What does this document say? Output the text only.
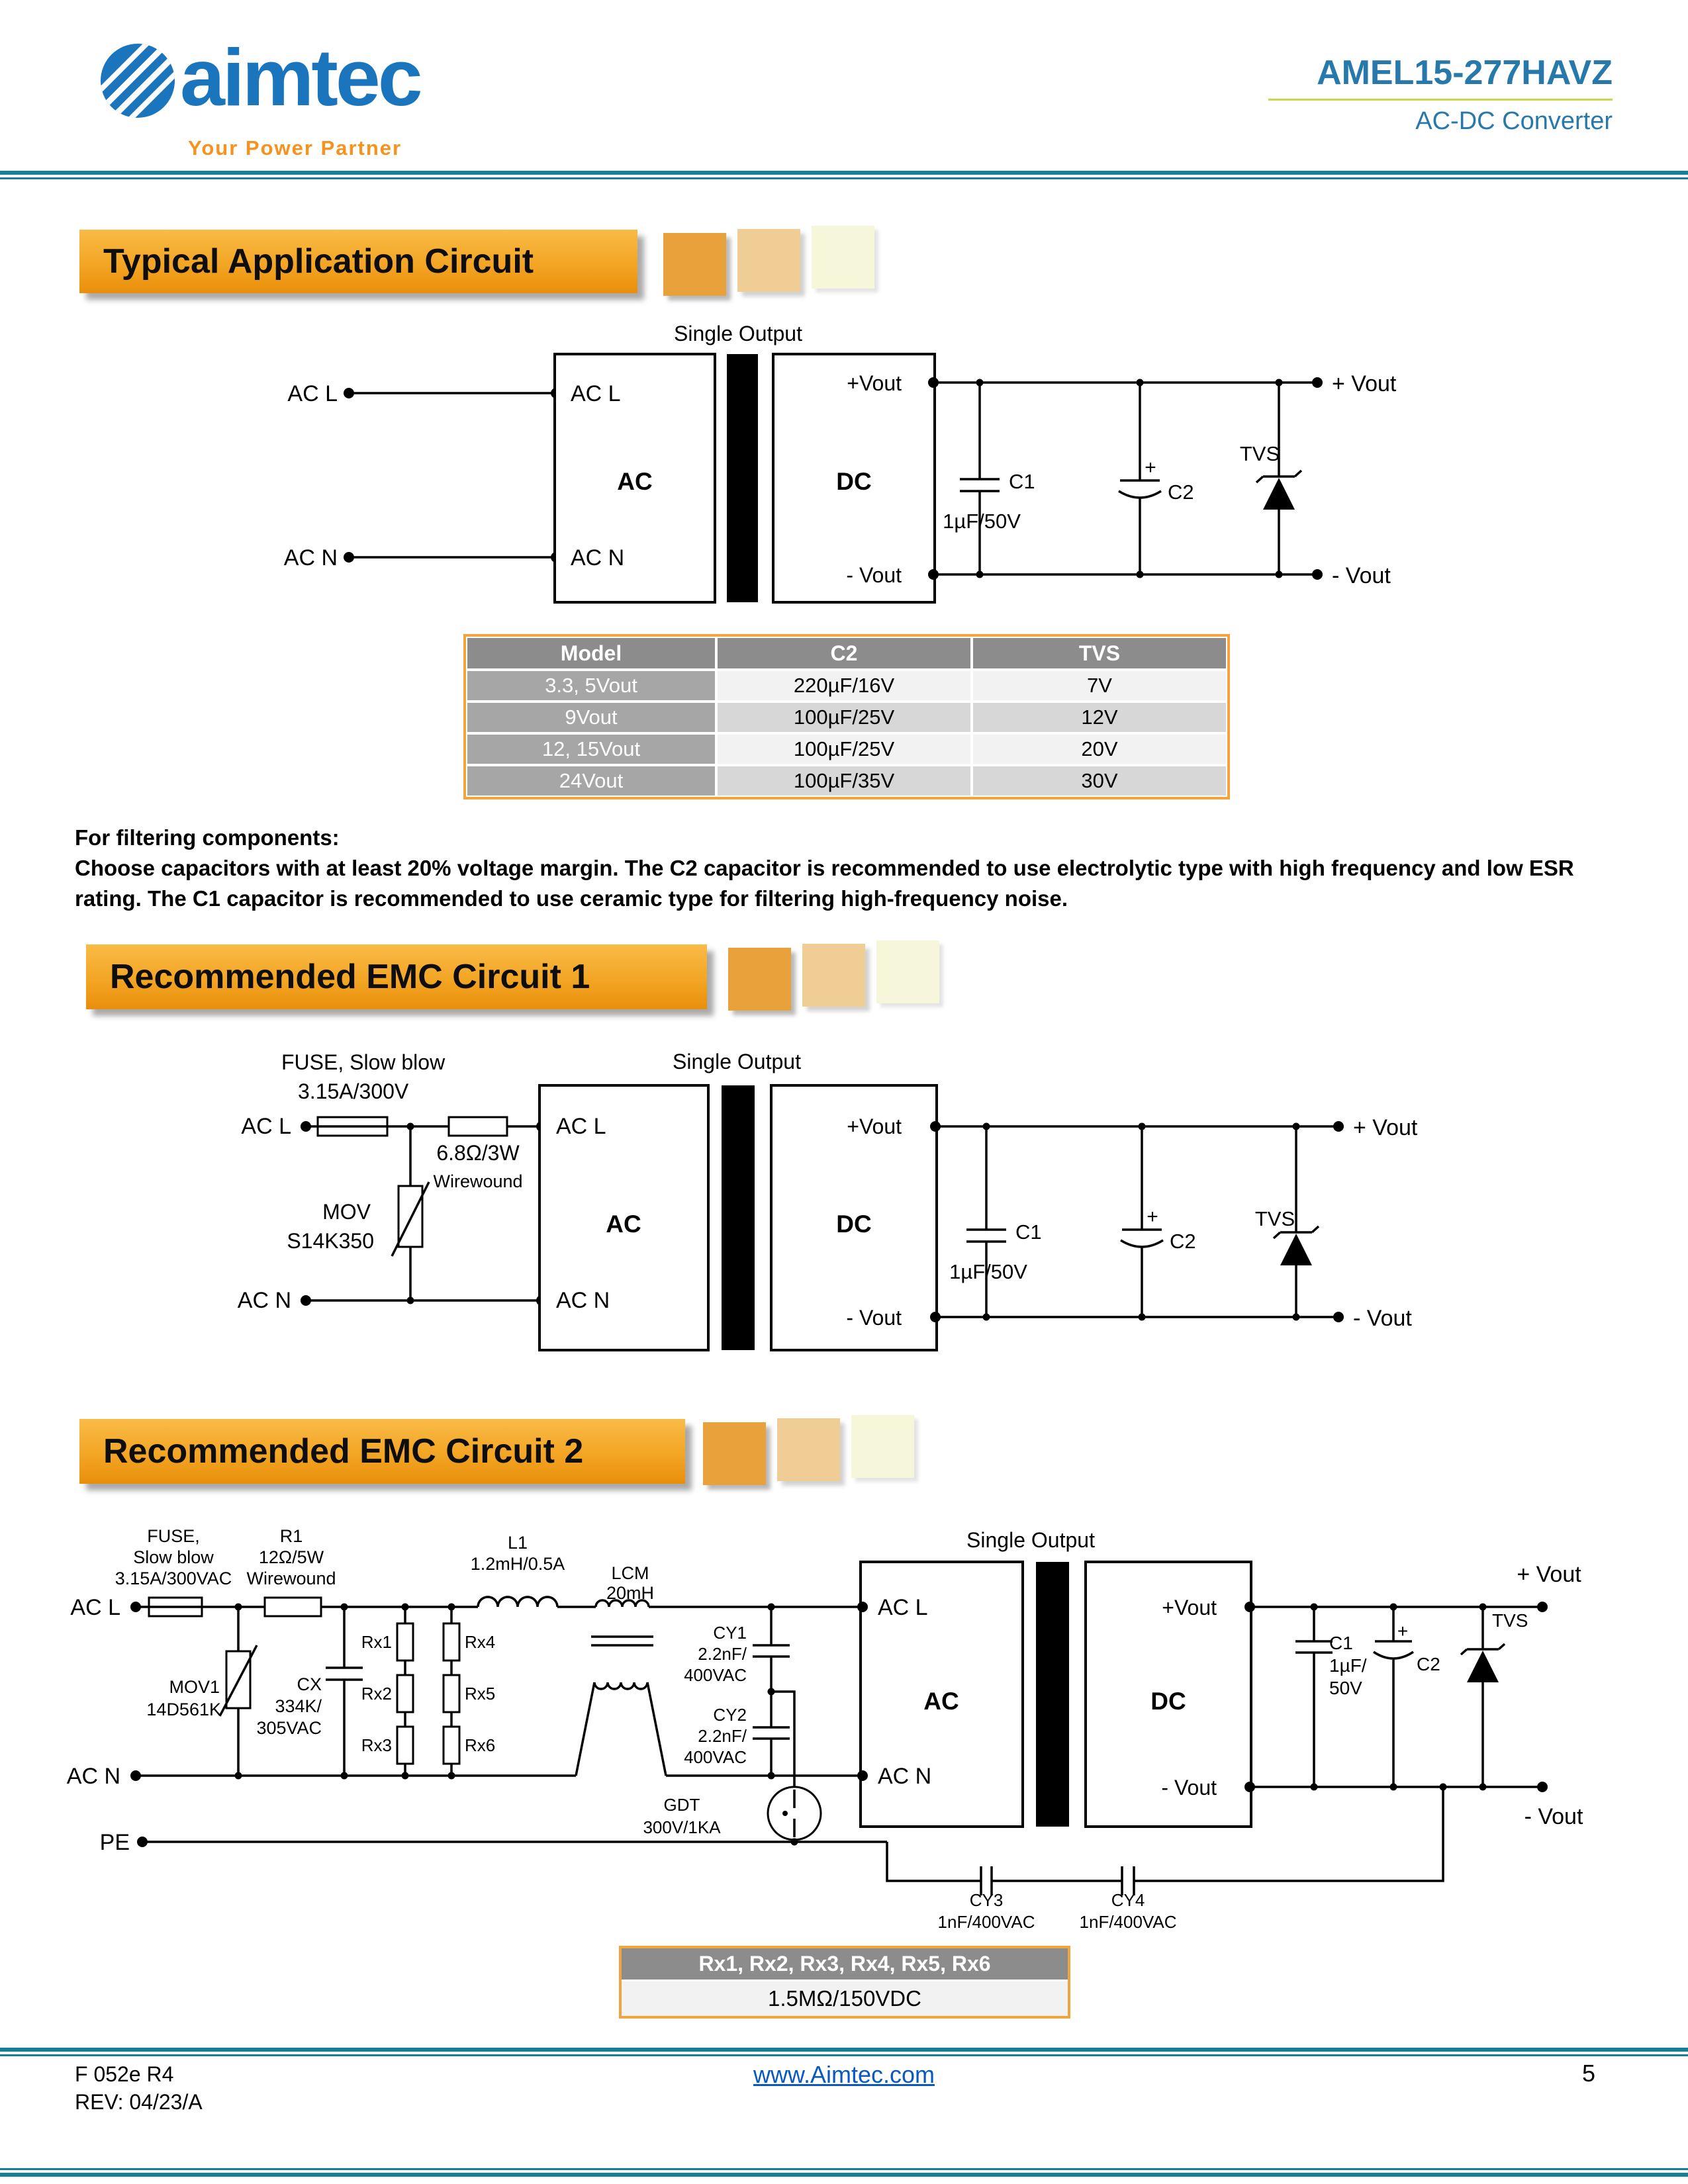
aimtec
Your Power Partner
AMEL15-277HAVZ
AC-DC Converter
Typical Application Circuit
Single Output
AC L
AC N
AC L
AC
AC N
+Vout
DC
- Vout
+ Vout
- Vout
C1
1µF/50V
+
C2
TVS
Model	C2	TVS
3.3, 5Vout	220µF/16V	7V
9Vout	100µF/25V	12V
12, 15Vout	100µF/25V	20V
24Vout	100µF/35V	30V
For filtering components:
Choose capacitors with at least 20% voltage margin. The C2 capacitor is recommended to use electrolytic type with high frequency and low ESR rating. The C1 capacitor is recommended to use ceramic type for filtering high-frequency noise.
Recommended EMC Circuit 1
FUSE, Slow blow
3.15A/300V
Single Output
AC L
6.8Ω/3W
Wirewound
MOV
S14K350
AC N
AC L
AC
AC N
+Vout
DC
- Vout
+ Vout
- Vout
C1
1µF/50V
+
C2
TVS
Recommended EMC Circuit 2
FUSE,
Slow blow
3.15A/300VAC
R1
12Ω/5W
Wirewound
L1
1.2mH/0.5A	LCM
20mH
Single Output
AC L
AC N
PE
MOV1
14D561K
CX
334K/
305VAC
Rx1
Rx2
Rx3
Rx4
Rx5
Rx6
CY1
2.2nF/
400VAC
CY2
2.2nF/
400VAC
GDT
300V/1KA
CY3
1nF/400VAC
CY4
1nF/400VAC
AC L
AC
AC N
+Vout
DC
- Vout
+ Vout
- Vout
C1
1µF/
50V
+
C2
TVS
Rx1, Rx2, Rx3, Rx4, Rx5, Rx6
1.5MΩ/150VDC
F 052e R4
REV: 04/23/A
www.Aimtec.com	5
